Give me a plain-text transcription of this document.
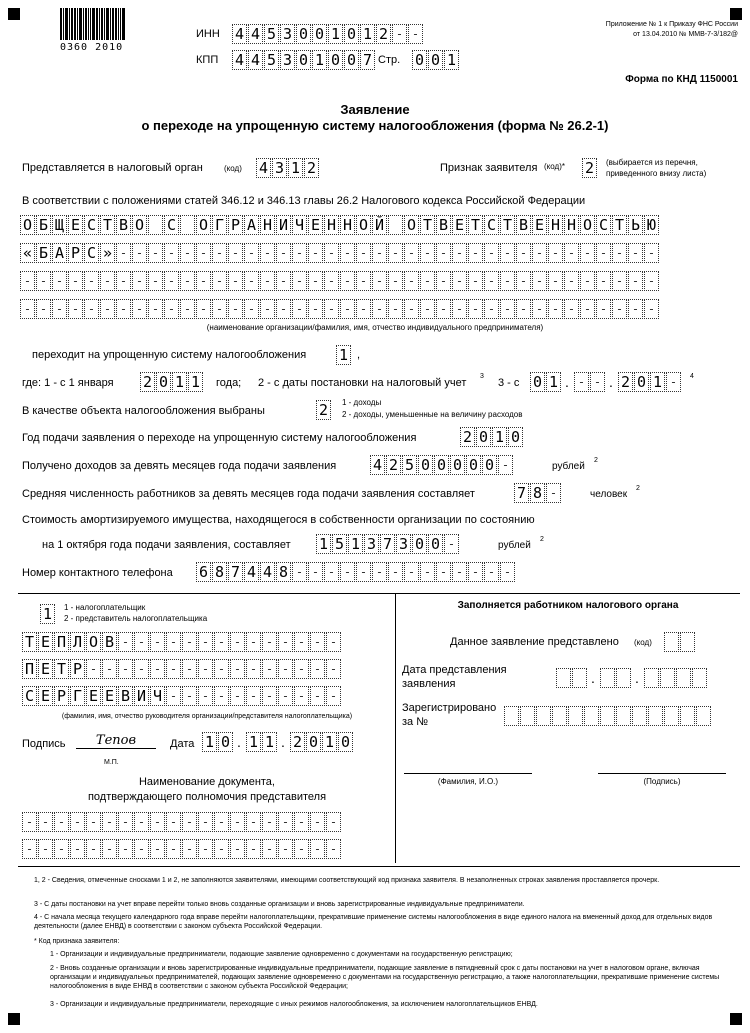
0360 2010
ИНН 4 4 5 3 0 0 1 0 1 2 - -
КПП 4 4 5 3 0 1 0 0 7 Стр. 0 0 1
Приложение № 1 к Приказу ФНС России
от 13.04.2010 № ММВ-7-3/182@
Форма по КНД 1150001
Заявление
о переходе на упрощенную систему налогообложения (форма № 26.2-1)
Представляется в налоговый орган	(код) 4 3 1 2	Признак заявителя (код)* 2	(выбирается из перечня,
приведенного внизу листа)
В соответствии с положениями статей 346.12 и 346.13 главы 26.2 Налогового кодекса Российской Федерации
О Б Щ Е С Т В О С О Г Р А Н И Ч Е Н Н О Й О Т В Е Т С Т В Е Н Н О С Т Ь Ю
« Б А Р С » - - - - - - - - - - - - - - - - - - - - - - - - - - - - - - - - - -
- - - - - - - - - - - - - - - - - - - - - - - - - - - - - - - - - - - - - - - -
- - - - - - - - - - - - - - - - - - - - - - - - - - - - - - - - - - - - - - - -
(наименование организации/фамилия, имя, отчество индивидуального предпринимателя)
переходит на упрощенную систему налогообложения 1 ,
где: 1 - с 1 января 2 0 1 1 года; 2 - с даты постановки на налоговый учет
3
3 - с 0 1 . - - . 2 0 1 -	4
В качестве объекта налогообложения выбраны	2	1 - доходы
2 - доходы, уменьшенные на величину расходов
Год подачи заявления о переходе на упрощенную систему налогообложения	2 0 1 0
Получено доходов за девять месяцев года подачи заявления 4 2 5 0 0 0 0 0 -	рублей
2
Средняя численность работников за девять месяцев года подачи заявления составляет	7 8 -	человек
2
Стоимость амортизируемого имущества, находящегося в собственности организации по состоянию
на 1 октября года подачи заявления, составляет 1 5 1 3 7 3 0 0 -	рублей
2
Номер контактного телефона 6 8 7 4 4 8 - - - - - - - - - - - - - -
1	1 - налогоплательщик
2 - представитель налогоплательщика
Т Е П Л О В - - - - - - - - - - - - - -
П Е Т Р - - - - - - - - - - - - - - - -
С Е Р Г Е Е В И Ч - - - - - - - - - - -
(фамилия, имя, отчество руководителя организации/представителя налогоплательщика)
Подпись	Тепов	Дата 1 0 . 1 1 . 2 0 1 0
М.П.
Наименование документа,
подтверждающего полномочия представителя
- - - - - - - - - - - - - - - - - - - -
- - - - - - - - - - - - - - - - - - - -
Заполняется работником налогового органа
Данное заявление представлено (код)
Дата представления
заявления	.	.
Зарегистрировано
за №
(Фамилия, И.О.)	(Подпись)
1, 2 - Сведения, отмеченные сносками 1 и 2, не заполняются заявителями, имеющими соответствующий код признака заявителя. В незаполненных строках заявления проставляется прочерк.
3 - С даты постановки на учет вправе перейти только вновь созданные организации и вновь зарегистрированные индивидуальные предприниматели.
4 - С начала месяца текущего календарного года вправе перейти налогоплательщики, прекратившие применение системы налогообложения в виде единого налога на вмененный доход для отдельных видов деятельности (далее ЕНВД) в соответствии с законом субъекта Российской Федерации.
* Код признака заявителя:
1 - Организации и индивидуальные предприниматели, подающие заявление одновременно с документами на государственную регистрацию;
2 - Вновь созданные организации и вновь зарегистрированные индивидуальные предприниматели, подающие заявление в пятидневный срок с даты постановки на учет в налоговом органе, включая организации и индивидуальных предпринимателей, подающих заявление одновременно с документами на государственную регистрацию, а также налогоплательщики, прекратившие применение системы налогообложения в виде ЕНВД в соответствии с законом субъекта Российской Федерации;
3 - Организации и индивидуальные предприниматели, переходящие с иных режимов налогообложения, за исключением налогоплательщиков ЕНВД.
